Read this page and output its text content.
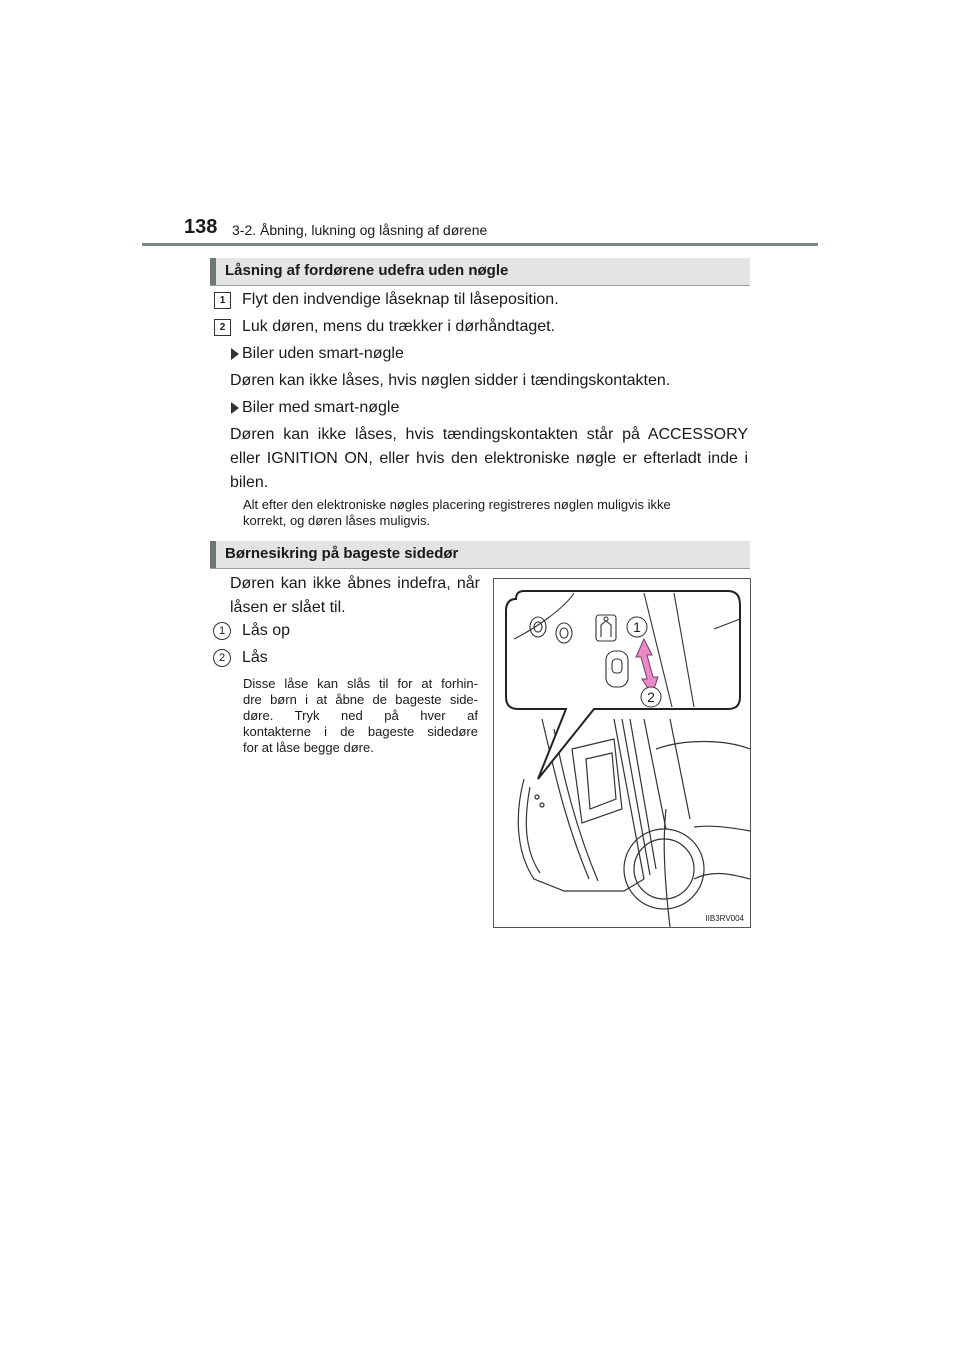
138 3-2. Åbning, lukning og låsning af dørene
Låsning af fordørene udefra uden nøgle
1	Flyt den indvendige låseknap til låseposition.
2	Luk døren, mens du trækker i dørhåndtaget.
Biler uden smart-nøgle
Døren kan ikke låses, hvis nøglen sidder i tændingskontakten.
Biler med smart-nøgle
Døren kan ikke låses, hvis tændingskontakten står på ACCESSORY
eller IGNITION ON, eller hvis den elektroniske nøgle er efterladt inde i
bilen.
Alt efter den elektroniske nøgles placering registreres nøglen muligvis ikke
korrekt, og døren låses muligvis.
Børnesikring på bageste sidedør
Døren kan ikke åbnes indefra, når
låsen er slået til.
1	Lås op
2	Lås
Disse låse kan slås til for at forhin-
dre børn i at åbne de bageste side-
døre. Tryk ned på hver af
kontakterne i de bageste sidedøre
for at låse begge døre.
1
2
IIB3RV004
